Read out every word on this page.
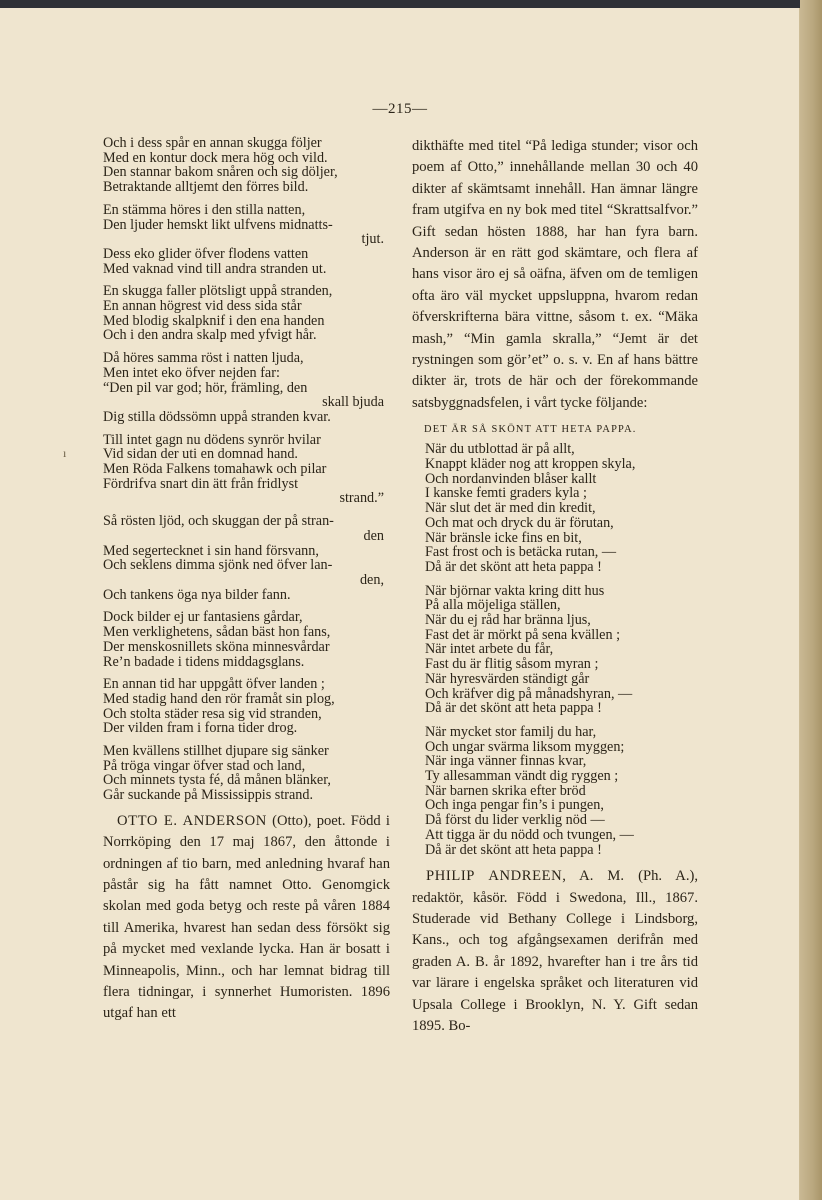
—215—
ı
Och i dess spår en annan skugga följer
Med en kontur dock mera hög och vild.
Den stannar bakom snåren och sig döljer,
Betraktande alltjemt den förres bild.
En stämma höres i den stilla natten,
Den ljuder hemskt likt ulfvens midnatts-
tjut.
Dess eko glider öfver flodens vatten
Med vaknad vind till andra stranden ut.
En skugga faller plötsligt uppå stranden,
En annan högrest vid dess sida står
Med blodig skalpknif i den ena handen
Och i den andra skalp med yfvigt hår.
Då höres samma röst i natten ljuda,
Men intet eko öfver nejden far:
“Den pil var god; hör, främling, den
skall bjuda
Dig stilla dödssömn uppå stranden kvar.
Till intet gagn nu dödens synrör hvilar
Vid sidan der uti en domnad hand.
Men Röda Falkens tomahawk och pilar
Fördrifva snart din ätt från fridlyst
strand.”
Så rösten ljöd, och skuggan der på stran-
den
Med segertecknet i sin hand försvann,
Och seklens dimma sjönk ned öfver lan-
den,
Och tankens öga nya bilder fann.
Dock bilder ej ur fantasiens gårdar,
Men verklighetens, sådan bäst hon fans,
Der menskosnillets sköna minnesvårdar
Re’n badade i tidens middagsglans.
En annan tid har uppgått öfver landen ;
Med stadig hand den rör framåt sin plog,
Och stolta städer resa sig vid stranden,
Der vilden fram i forna tider drog.
Men kvällens stillhet djupare sig sänker
På tröga vingar öfver stad och land,
Och minnets tysta fé, då månen blänker,
Går suckande på Mississippis strand.

OTTO E. ANDERSON (Otto), poet. Född i Norrköping den 17 maj 1867, den åttonde i ordningen af tio barn, med anledning hvaraf han påstår sig ha fått namnet Otto. Genomgick skolan med goda betyg och reste på våren 1884 till Amerika, hvarest han sedan dess försökt sig på mycket med vexlande lycka. Han är bosatt i Minneapolis, Minn., och har lemnat bidrag till flera tidningar, i synnerhet Humoristen. 1896 utgaf han ett

dikthäfte med titel “På lediga stunder; visor och poem af Otto,” innehållande mellan 30 och 40 dikter af skämtsamt innehåll. Han ämnar längre fram utgifva en ny bok med titel “Skrattsalfvor.” Gift sedan hösten 1888, har han fyra barn. Anderson är en rätt god skämtare, och flera af hans visor äro ej så oäfna, äfven om de temligen ofta äro väl mycket uppsluppna, hvarom redan öfverskrifterna bära vittne, såsom t. ex. “Mäka mash,” “Min gamla skralla,” “Jemt är det rystningen som gör’et” o. s. v. En af hans bättre dikter är, trots de här och der förekommande satsbyggnadsfelen, i vårt tycke följande:

DET ÄR SÅ SKÖNT ATT HETA PAPPA.
När du utblottad är på allt,
Knappt kläder nog att kroppen skyla,
Och nordanvinden blåser kallt
I kanske femti graders kyla ;
När slut det är med din kredit,
Och mat och dryck du är förutan,
När bränsle icke fins en bit,
Fast frost och is betäcka rutan, —
Då är det skönt att heta pappa !
När björnar vakta kring ditt hus
På alla möjeliga ställen,
När du ej råd har bränna ljus,
Fast det är mörkt på sena kvällen ;
När intet arbete du får,
Fast du är flitig såsom myran ;
När hyresvärden ständigt går
Och kräfver dig på månadshyran, —
Då är det skönt att heta pappa !
När mycket stor familj du har,
Och ungar svärma liksom myggen;
När inga vänner finnas kvar,
Ty allesamman vändt dig ryggen ;
När barnen skrika efter bröd
Och inga pengar fin’s i pungen,
Då först du lider verklig nöd —
Att tigga är du nödd och tvungen, —
Då är det skönt att heta pappa !

PHILIP ANDREEN, A. M. (Ph. A.), redaktör, kåsör. Född i Swedona, Ill., 1867. Studerade vid Bethany College i Lindsborg, Kans., och tog afgångsexamen derifrån med graden A. B. år 1892, hvarefter han i tre års tid var lärare i engelska språket och literaturen vid Upsala College i Brooklyn, N. Y. Gift sedan 1895. Bo-
